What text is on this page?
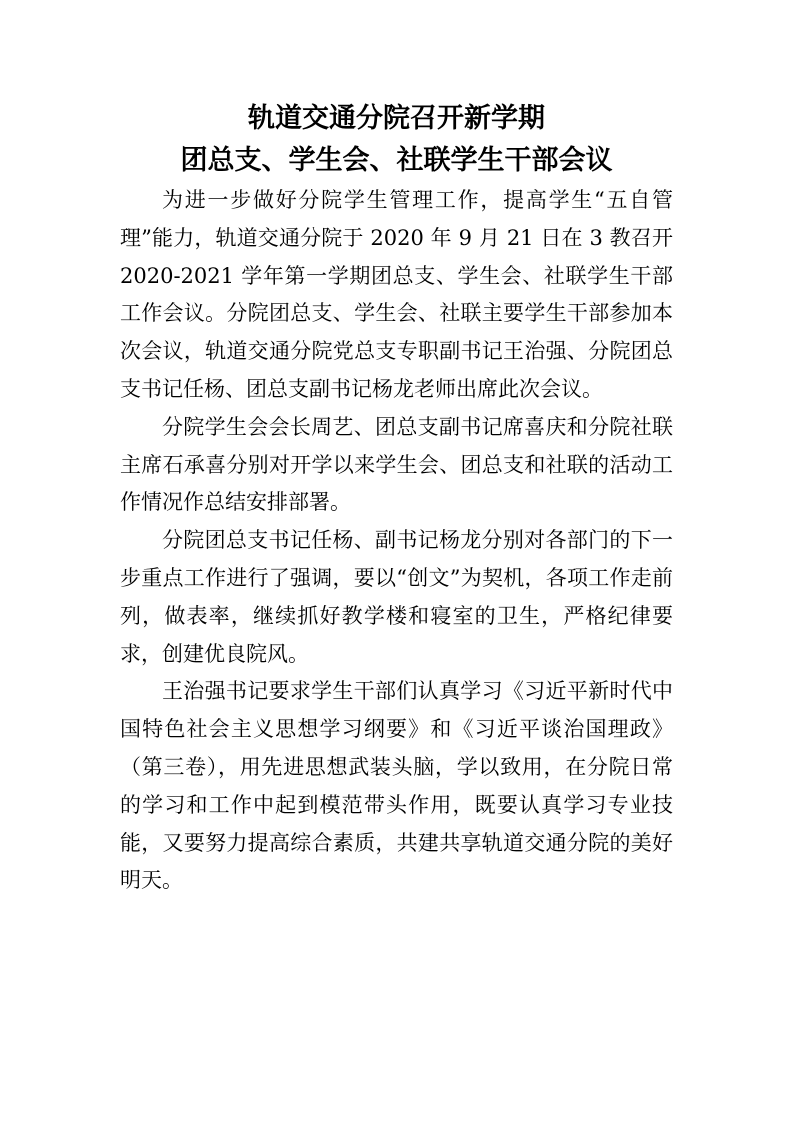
轨道交通分院召开新学期
团总支、学生会、社联学生干部会议

为进一步做好分院学生管理工作，提高学生“五自管理”能力，轨道交通分院于 2020 年 9 月 21 日在 3 教召开 2020-2021 学年第一学期团总支、学生会、社联学生干部工作会议。分院团总支、学生会、社联主要学生干部参加本次会议，轨道交通分院党总支专职副书记王治强、分院团总支书记任杨、团总支副书记杨龙老师出席此次会议。

分院学生会会长周艺、团总支副书记席喜庆和分院社联主席石承喜分别对开学以来学生会、团总支和社联的活动工作情况作总结安排部署。

分院团总支书记任杨、副书记杨龙分别对各部门的下一步重点工作进行了强调，要以“创文”为契机，各项工作走前列，做表率，继续抓好教学楼和寝室的卫生，严格纪律要求，创建优良院风。

王治强书记要求学生干部们认真学习《习近平新时代中国特色社会主义思想学习纲要》和《习近平谈治国理政》（第三卷），用先进思想武装头脑，学以致用，在分院日常的学习和工作中起到模范带头作用，既要认真学习专业技能，又要努力提高综合素质，共建共享轨道交通分院的美好明天。
